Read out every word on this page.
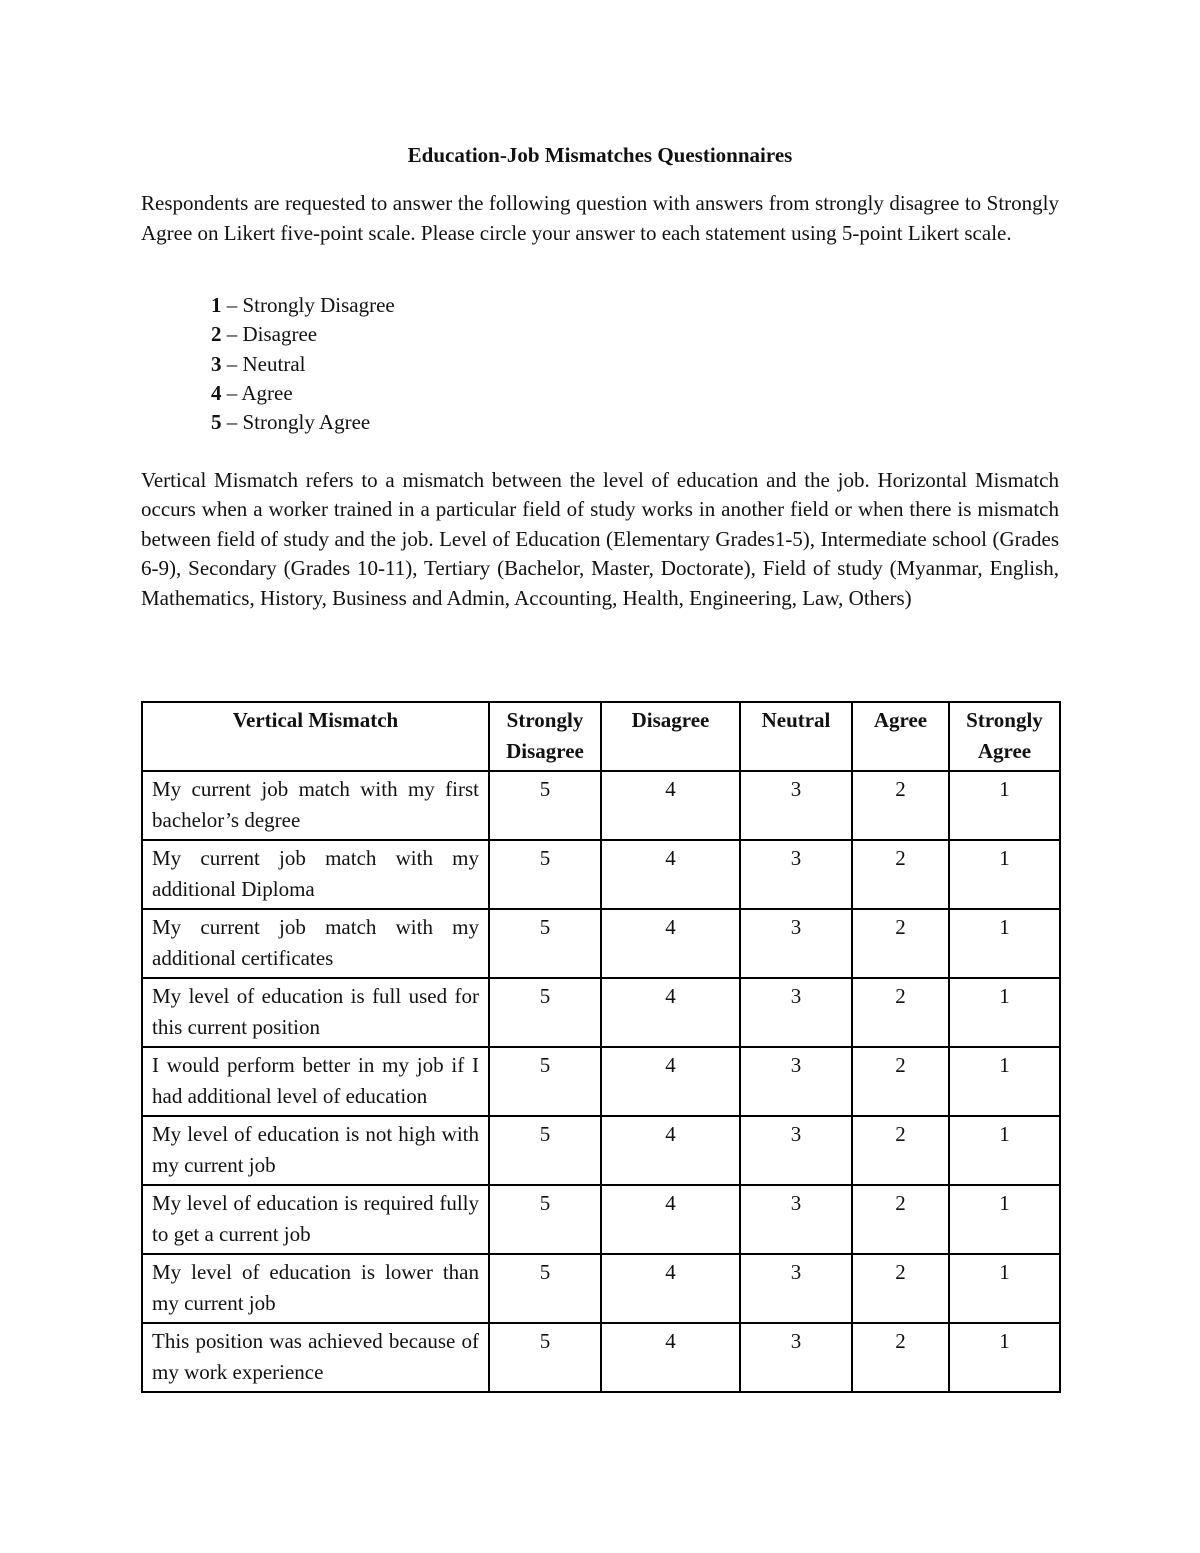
Education-Job Mismatches Questionnaires

Respondents are requested to answer the following question with answers from strongly disagree to Strongly Agree on Likert five-point scale. Please circle your answer to each statement using 5-point Likert scale.

1 – Strongly Disagree
2 – Disagree
3 – Neutral
4 – Agree
5 – Strongly Agree

Vertical Mismatch refers to a mismatch between the level of education and the job. Horizontal Mismatch occurs when a worker trained in a particular field of study works in another field or when there is mismatch between field of study and the job. Level of Education (Elementary Grades1-5), Intermediate school (Grades 6-9), Secondary (Grades 10-11), Tertiary (Bachelor, Master, Doctorate), Field of study (Myanmar, English, Mathematics, History, Business and Admin, Accounting, Health, Engineering, Law, Others)

Vertical Mismatch	Strongly Disagree	Disagree	Neutral	Agree	Strongly Agree
My current job match with my first bachelor’s degree	5	4	3	2	1
My current job match with my additional Diploma	5	4	3	2	1
My current job match with my additional certificates	5	4	3	2	1
My level of education is full used for this current position	5	4	3	2	1
I would perform better in my job if I had additional level of education	5	4	3	2	1
My level of education is not high with my current job	5	4	3	2	1
My level of education is required fully to get a current job	5	4	3	2	1
My level of education is lower than my current job	5	4	3	2	1
This position was achieved because of my work experience	5	4	3	2	1
